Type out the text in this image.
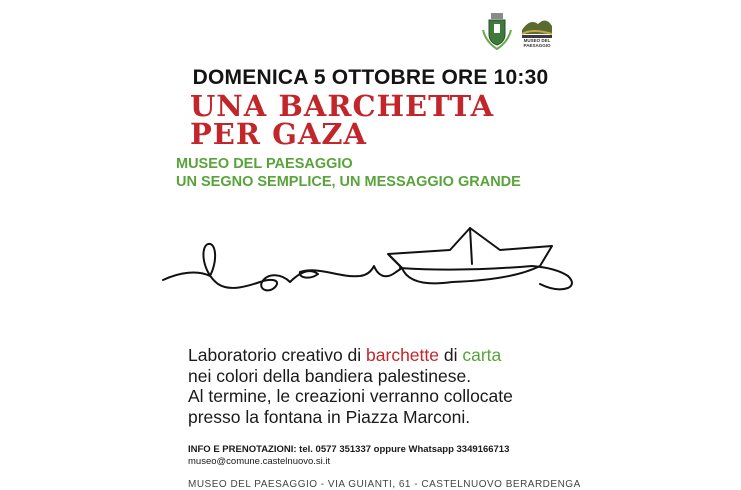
MUSEO DEL PAESAGGIO
DOMENICA 5 OTTOBRE ORE 10:30
UNA BARCHETTA
PER GAZA
MUSEO DEL PAESAGGIO
UN SEGNO SEMPLICE, UN MESSAGGIO GRANDE
Laboratorio creativo di barchette di carta
nei colori della bandiera palestinese.
Al termine, le creazioni verranno collocate
presso la fontana in Piazza Marconi.
INFO E PRENOTAZIONI: tel. 0577 351337 oppure Whatsapp 3349166713
museo@comune.castelnuovo.si.it
MUSEO DEL PAESAGGIO - VIA GUIANTI, 61 - CASTELNUOVO BERARDENGA
